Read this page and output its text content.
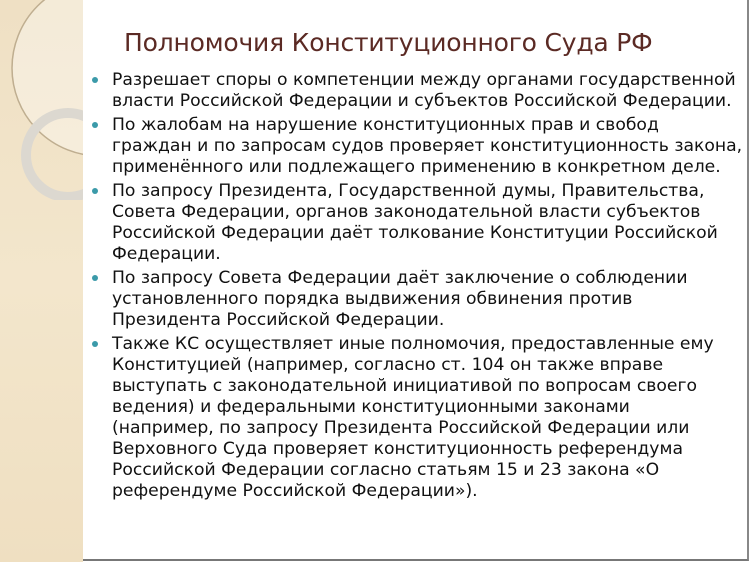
Полномочия Конституционного Суда РФ
Разрешает споры о компетенции между органами государственной
власти Российской Федерации и субъектов Российской Федерации.
По жалобам на нарушение конституционных прав и свобод
граждан и по запросам судов проверяет конституционность закона,
применённого или подлежащего применению в конкретном деле.
По запросу Президента, Государственной думы, Правительства,
Совета Федерации, органов законодательной власти субъектов
Российской Федерации даёт толкование Конституции Российской
Федерации.
По запросу Совета Федерации даёт заключение о соблюдении
установленного порядка выдвижения обвинения против
Президента Российской Федерации.
Также КС осуществляет иные полномочия, предоставленные ему
Конституцией (например, согласно ст. 104 он также вправе
выступать с законодательной инициативой по вопросам своего
ведения) и федеральными конституционными законами
(например, по запросу Президента Российской Федерации или
Верховного Суда проверяет конституционность референдума
Российской Федерации согласно статьям 15 и 23 закона «О
референдуме Российской Федерации»).
